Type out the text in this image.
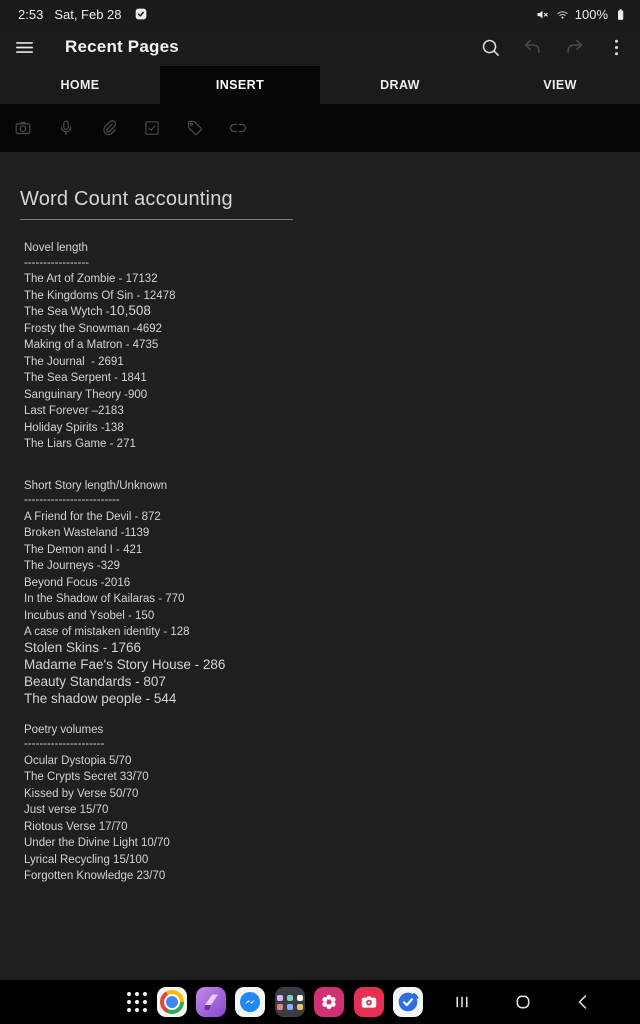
2:53 Sat, Feb 28	100%
Recent Pages
HOME	INSERT	DRAW	VIEW
Word Count accounting
Novel length
-----------------
The Art of Zombie - 17132
The Kingdoms Of Sin - 12478
The Sea Wytch -10,508
Frosty the Snowman -4692
Making of a Matron - 4735
The Journal  - 2691
The Sea Serpent - 1841
Sanguinary Theory -900
Last Forever –2183
Holiday Spirits -138
The Liars Game - 271
Short Story length/Unknown
-------------------------
A Friend for the Devil - 872
Broken Wasteland -1139
The Demon and I - 421
The Journeys -329
Beyond Focus -2016
In the Shadow of Kailaras - 770
Incubus and Ysobel - 150
A case of mistaken identity - 128
Stolen Skins - 1766
Madame Fae's Story House - 286
Beauty Standards - 807
The shadow people - 544
Poetry volumes
---------------------
Ocular Dystopia 5/70
The Crypts Secret 33/70
Kissed by Verse 50/70
Just verse 15/70
Riotous Verse 17/70
Under the Divine Light 10/70
Lyrical Recycling 15/100
Forgotten Knowledge 23/70
